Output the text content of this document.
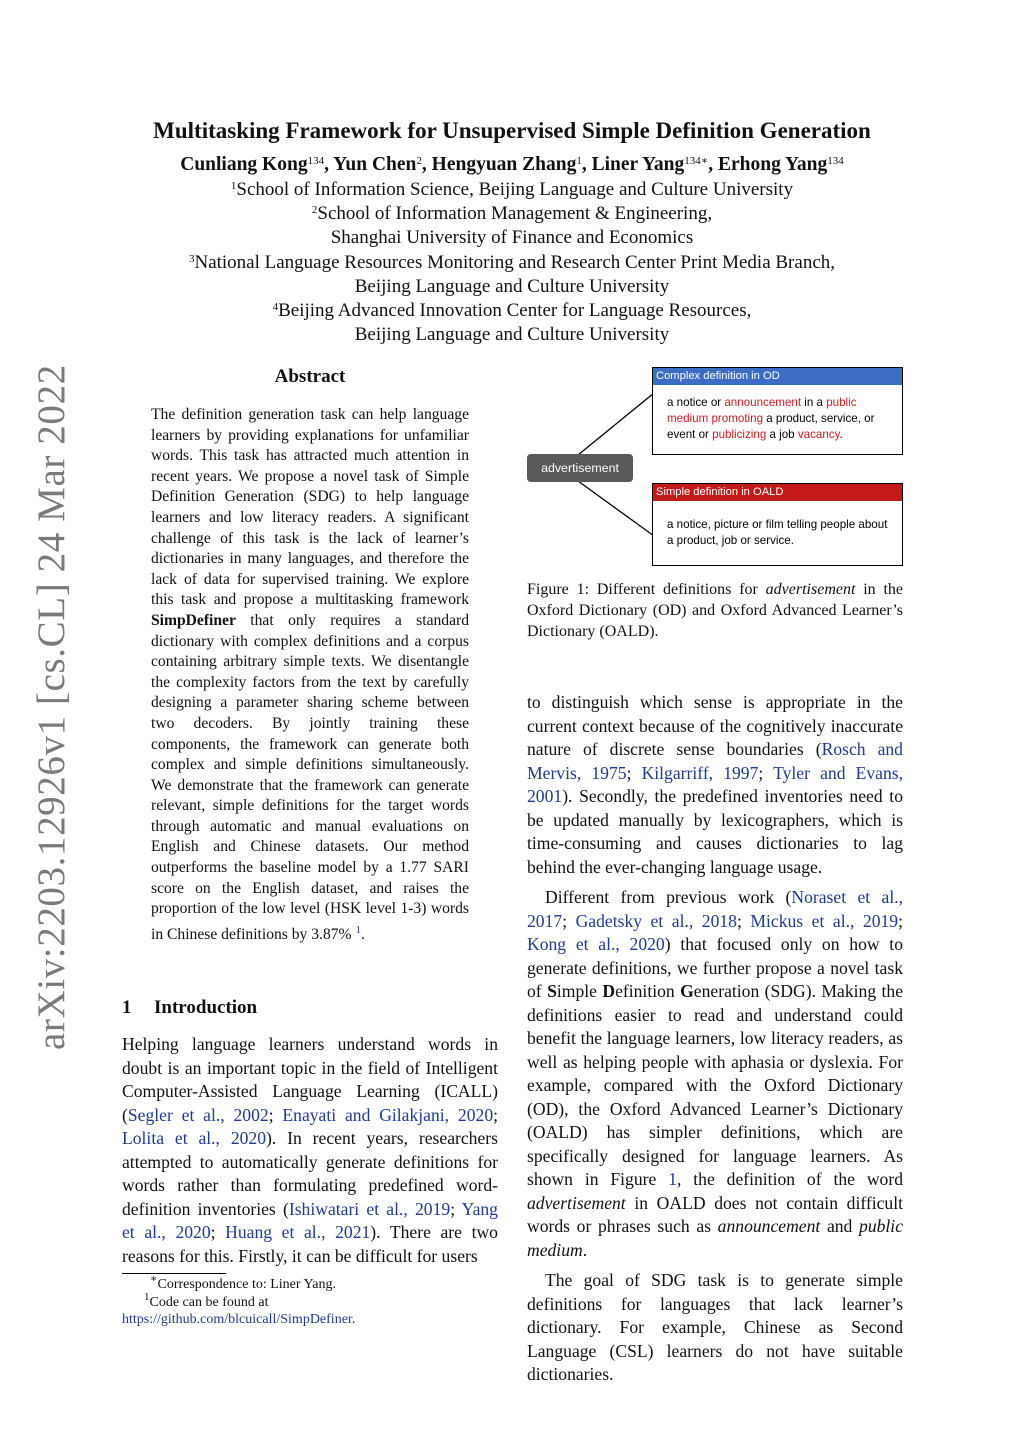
Multitasking Framework for Unsupervised Simple Definition Generation
Cunliang Kong$^{134}$, Yun Chen$^2$, Hengyuan Zhang$^1$, Liner Yang$^{134∗}$, Erhong Yang$^{134}$
$^1$School of Information Science, Beijing Language and Culture University
$^2$School of Information Management & Engineering,
Shanghai University of Finance and Economics
$^3$National Language Resources Monitoring and Research Center Print Media Branch,
Beijing Language and Culture University
$^4$Beijing Advanced Innovation Center for Language Resources,
Beijing Language and Culture University
arXiv:2203.12926v1 [cs.CL] 24 Mar 2022	Abstract
The definition generation task can help language learners by providing explanations for unfamiliar words. This task has attracted much attention in recent years. We propose a novel task of Simple Definition Generation (SDG) to help language learners and low literacy readers. A significant challenge of this task is the lack of learner’s dictionaries in many languages, and therefore the lack of data for supervised training. We explore this task and propose a multitasking framework SimpDefiner that only requires a standard dictionary with complex definitions and a corpus containing arbitrary simple texts. We disentangle the complexity factors from the text by carefully designing a parameter sharing scheme between two decoders. By jointly training these components, the framework can generate both complex and simple definitions simultaneously. We demonstrate that the framework can generate relevant, simple definitions for the target words through automatic and manual evaluations on English and Chinese datasets. Our method outperforms the baseline model by a 1.77 SARI score on the English dataset, and raises the proportion of the low level (HSK level 1-3) words in Chinese definitions by 3.87% $^1$.
1 Introduction

Helping language learners understand words in doubt is an important topic in the field of Intelligent Computer-Assisted Language Learning (ICALL) (Segler et al., 2002; Enayati and Gilakjani, 2020; Lolita et al., 2020). In recent years, researchers attempted to automatically generate definitions for words rather than formulating predefined word-definition inventories (Ishiwatari et al., 2019; Yang et al., 2020; Huang et al., 2021). There are two reasons for this. Firstly, it can be difficult for users

∗Correspondence to: Liner Yang.
$^1$Code can be found at https://github.com/blcuicall/SimpDefiner.
advertisement
Complex definition in OD
a notice or announcement in a public medium promoting a product, service, or event or publicizing a job vacancy.
Simple definition in OALD
a notice, picture or film telling people about a product, job or service.
Figure 1: Different definitions for advertisement in the Oxford Dictionary (OD) and Oxford Advanced Learner’s Dictionary (OALD).

to distinguish which sense is appropriate in the current context because of the cognitively inaccurate nature of discrete sense boundaries (Rosch and Mervis, 1975; Kilgarriff, 1997; Tyler and Evans, 2001). Secondly, the predefined inventories need to be updated manually by lexicographers, which is time-consuming and causes dictionaries to lag behind the ever-changing language usage.

Different from previous work (Noraset et al., 2017; Gadetsky et al., 2018; Mickus et al., 2019; Kong et al., 2020) that focused only on how to generate definitions, we further propose a novel task of Simple Definition Generation (SDG). Making the definitions easier to read and understand could benefit the language learners, low literacy readers, as well as helping people with aphasia or dyslexia. For example, compared with the Oxford Dictionary (OD), the Oxford Advanced Learner’s Dictionary (OALD) has simpler definitions, which are specifically designed for language learners. As shown in Figure 1, the definition of the word advertisement in OALD does not contain difficult words or phrases such as announcement and public medium.

The goal of SDG task is to generate simple definitions for languages that lack learner’s dictionary. For example, Chinese as Second Language (CSL) learners do not have suitable dictionaries.
